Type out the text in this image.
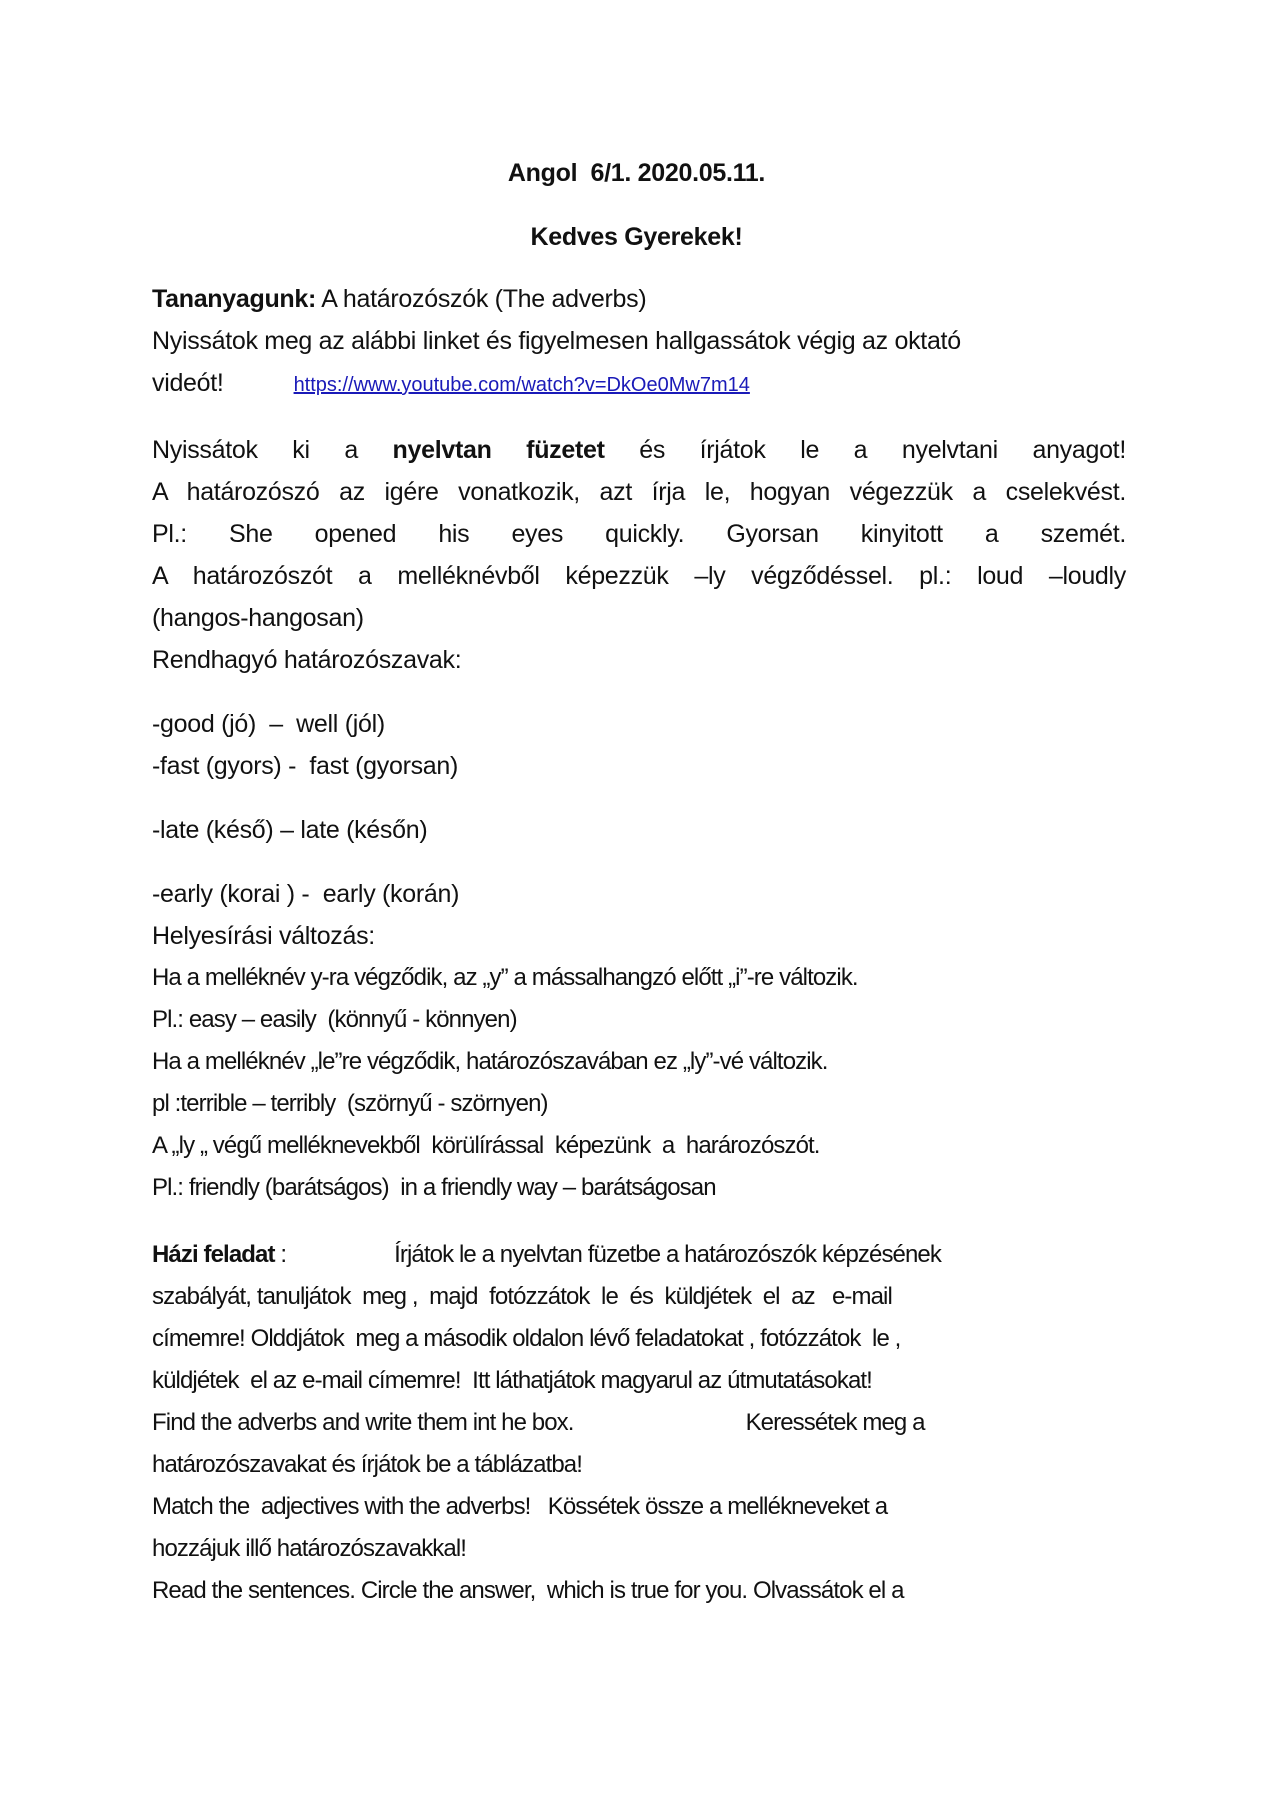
Angol  6/1. 2020.05.11.
Kedves Gyerekek!
Tananyagunk: A határozószók (The adverbs)
Nyissátok meg az alábbi linket és figyelmesen hallgassátok végig az oktató
videót!	https://www.youtube.com/watch?v=DkOe0Mw7m14
Nyissátok ki a nyelvtan füzetet és írjátok le a nyelvtani anyagot!
A határozószó az igére vonatkozik, azt írja le, hogyan végezzük a cselekvést.
Pl.: She opened his eyes quickly. Gyorsan kinyitott a szemét.
A határozószót a melléknévből képezzük –ly végződéssel. pl.: loud –loudly
(hangos-hangosan)
Rendhagyó határozószavak:
-good (jó)  –  well (jól)
-fast (gyors) -  fast (gyorsan)
-late (késő) – late (későn)
-early (korai ) -  early (korán)
Helyesírási változás:
Ha a melléknév y-ra végződik, az „y” a mássalhangzó előtt „i”-re változik.
Pl.: easy – easily  (könnyű - könnyen)
Ha a melléknév „le”re végződik, határozószavában ez „ly”-vé változik.
pl :terrible – terribly  (szörnyű - szörnyen)
A „ly „ végű melléknevekből  körülírással  képezünk  a  harározószót.
Pl.: friendly (barátságos)  in a friendly way – barátságosan
Házi feladat :	Írjátok le a nyelvtan füzetbe a határozószók képzésének
szabályát, tanuljátok  meg ,  majd  fotózzátok  le  és  küldjétek  el  az   e-mail
címemre! Olddjátok  meg a második oldalon lévő feladatokat , fotózzátok  le ,
küldjétek  el az e-mail címemre!  Itt láthatjátok magyarul az útmutatásokat!
Find the adverbs and write them int he box.	Keressétek meg a
határozószavakat és írjátok be a táblázatba!
Match the  adjectives with the adverbs!   Kössétek össze a mellékneveket a
hozzájuk illő határozószavakkal!
Read the sentences. Circle the answer,  which is true for you. Olvassátok el a
